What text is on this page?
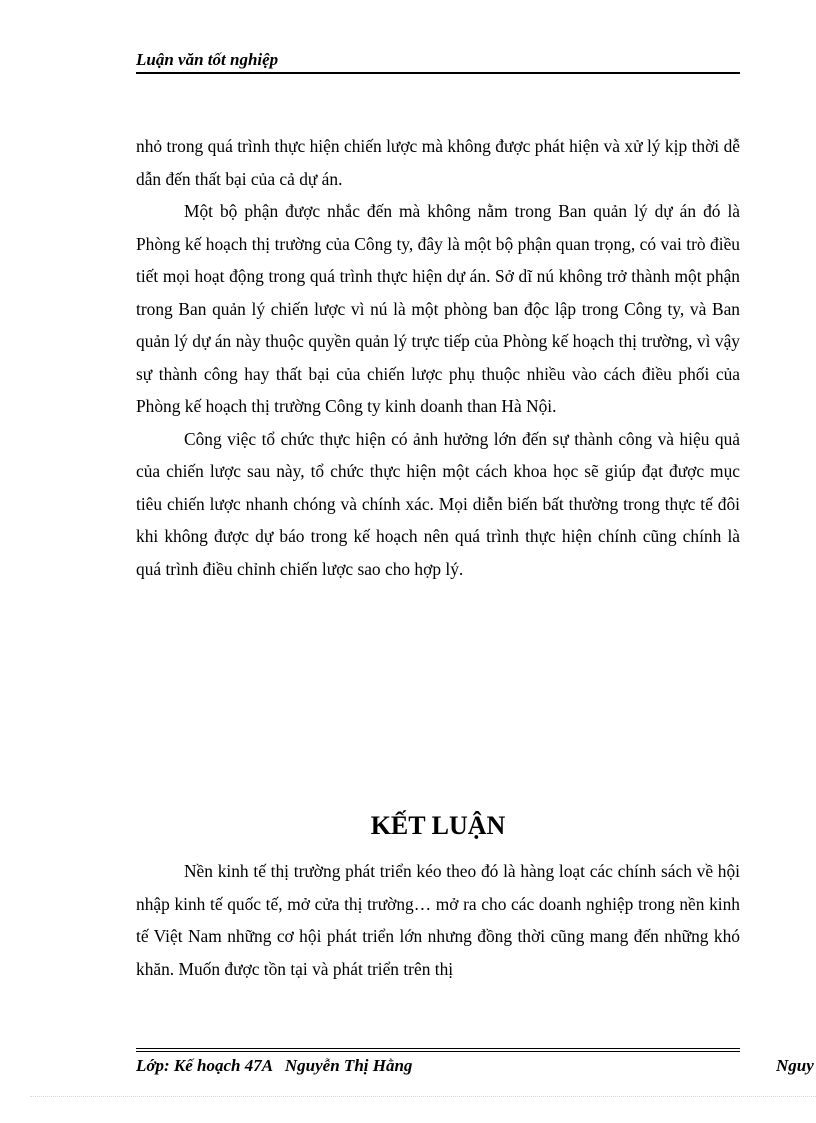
Luận văn tốt nghiệp

nhỏ trong quá trình thực hiện chiến lược mà không được phát hiện và xử lý kịp thời dễ dẫn đến thất bại của cả dự án.

Một bộ phận được nhắc đến mà không nằm trong Ban quản lý dự án đó là Phòng kế hoạch thị trường của Công ty, đây là một bộ phận quan trọng, có vai trò điều tiết mọi hoạt động trong quá trình thực hiện dự án. Sở dĩ nú không trở thành một phận trong Ban quản lý chiến lược vì nú là một phòng ban độc lập trong Công ty, và Ban quản lý dự án này thuộc quyền quản lý trực tiếp của Phòng kế hoạch thị trường, vì vậy sự thành công hay thất bại của chiến lược phụ thuộc nhiều vào cách điều phối của Phòng kế hoạch thị trường Công ty kinh doanh than Hà Nội.

Công việc tổ chức thực hiện có ảnh hưởng lớn đến sự thành công và hiệu quả của chiến lược sau này, tổ chức thực hiện một cách khoa học sẽ giúp đạt được mục tiêu chiến lược nhanh chóng và chính xác. Mọi diễn biến bất thường trong thực tế đôi khi không được dự báo trong kế hoạch nên quá trình thực hiện chính cũng chính là quá trình điều chỉnh chiến lược sao cho hợp lý.

KẾT LUẬN

Nền kinh tế thị trường phát triển kéo theo đó là hàng loạt các chính sách về hội nhập kinh tế quốc tế, mở cửa thị trường… mở ra cho các doanh nghiệp trong nền kinh tế Việt Nam những cơ hội phát triển lớn nhưng đồng thời cũng mang đến những khó khăn. Muốn được tồn tại và phát triển trên thị

Lớp: Kế hoạch 47A   Nguyễn Thị Hằng	Nguy
